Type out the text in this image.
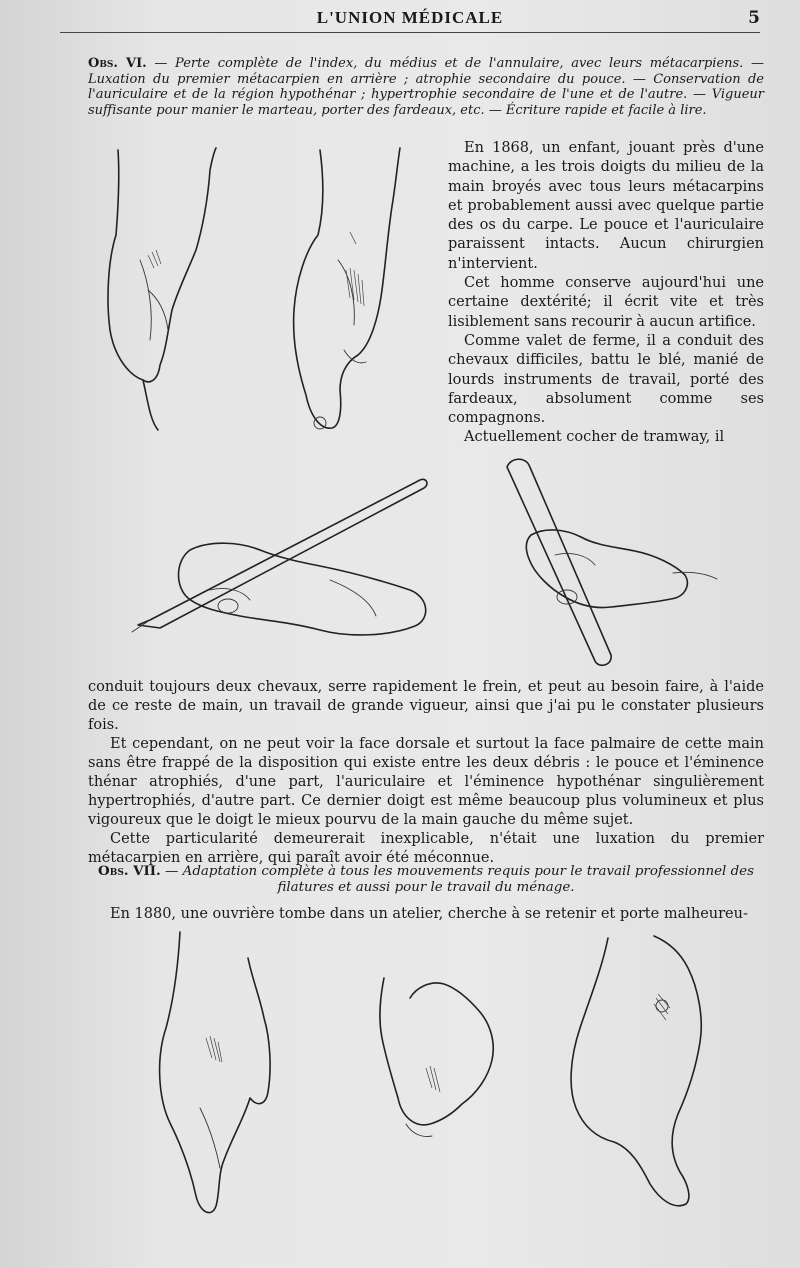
L'UNION MÉDICALE	5
Obs. VI. — Perte complète de l'index, du médius et de l'annulaire, avec leurs métacarpiens. — Luxation du premier métacarpien en arrière ; atrophie secondaire du pouce. — Conservation de l'auriculaire et de la région hypothénar ; hypertrophie secondaire de l'une et de l'autre. — Vigueur suffisante pour manier le marteau, porter des fardeaux, etc. — Écriture rapide et facile à lire.

En 1868, un enfant, jouant près d'une machine, a les trois doigts du milieu de la main broyés avec tous leurs métacarpins et probablement aussi avec quelque partie des os du carpe. Le pouce et l'auriculaire paraissent intacts. Aucun chirurgien n'intervient.

Cet homme conserve aujourd'hui une certaine dextérité; il écrit vite et très lisiblement sans recourir à aucun artifice.

Comme valet de ferme, il a conduit des chevaux difficiles, battu le blé, manié de lourds instruments de travail, porté des fardeaux, absolument comme ses compagnons.

Actuellement cocher de tramway, il

conduit toujours deux chevaux, serre rapidement le frein, et peut au besoin faire, à l'aide de ce reste de main, un travail de grande vigueur, ainsi que j'ai pu le constater plusieurs fois.

Et cependant, on ne peut voir la face dorsale et surtout la face palmaire de cette main sans être frappé de la disposition qui existe entre les deux débris : le pouce et l'éminence thénar atrophiés, d'une part, l'auriculaire et l'éminence hypothénar singulièrement hypertrophiés, d'autre part. Ce dernier doigt est même beaucoup plus volumineux et plus vigoureux que le doigt le mieux pourvu de la main gauche du même sujet.

Cette particularité demeurerait inexplicable, n'était une luxation du premier métacarpien en arrière, qui paraît avoir été méconnue.

Obs. VII. — Adaptation complète à tous les mouvements requis pour le travail professionnel des filatures et aussi pour le travail du ménage.

En 1880, une ouvrière tombe dans un atelier, cherche à se retenir et porte malheureu-
